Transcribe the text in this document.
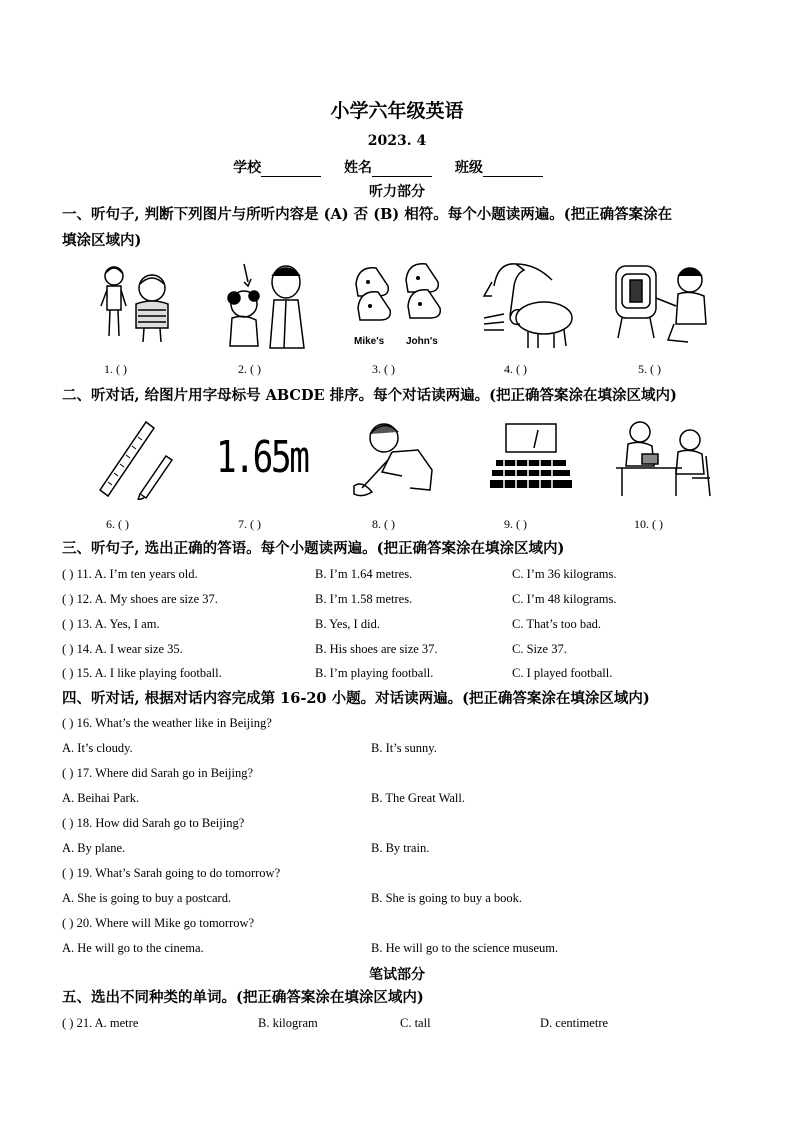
小学六年级英语
2023. 4
学校	姓名	班级
听力部分
一、听句子, 判断下列图片与所听内容是 (A) 否 (B) 相符。每个小题读两遍。(把正确答案涂在
填涂区域内)
Mike's John's
1. ( )	2. ( )	3. ( )	4. ( )	5. ( )
二、听对话, 给图片用字母标号 ABCDE 排序。每个对话读两遍。(把正确答案涂在填涂区域内)
1.65m
6. ( )	7. ( )	8. ( )	9. ( )	10. ( )
三、听句子, 选出正确的答语。每个小题读两遍。(把正确答案涂在填涂区域内)
( ) 11. A. I’m ten years old.	B. I’m 1.64 metres.	C. I’m 36 kilograms.
( ) 12. A. My shoes are size 37.	B. I’m 1.58 metres.	C. I’m 48 kilograms.
( ) 13. A. Yes, I am.	B. Yes, I did.	C. That’s too bad.
( ) 14. A. I wear size 35.	B. His shoes are size 37.	C. Size 37.
( ) 15. A. I like playing football.	B. I’m playing football.	C. I played football.
四、听对话, 根据对话内容完成第 16-20 小题。对话读两遍。(把正确答案涂在填涂区域内)
( ) 16. What’s the weather like in Beijing?
A. It’s cloudy.	B. It’s sunny.
( ) 17. Where did Sarah go in Beijing?
A. Beihai Park.	B. The Great Wall.
( ) 18. How did Sarah go to Beijing?
A. By plane.	B. By train.
( ) 19. What’s Sarah going to do tomorrow?
A. She is going to buy a postcard.	B. She is going to buy a book.
( ) 20. Where will Mike go tomorrow?
A. He will go to the cinema.	B. He will go to the science museum.
笔试部分
五、选出不同种类的单词。(把正确答案涂在填涂区域内)
( ) 21. A. metre	B. kilogram	C. tall	D. centimetre
